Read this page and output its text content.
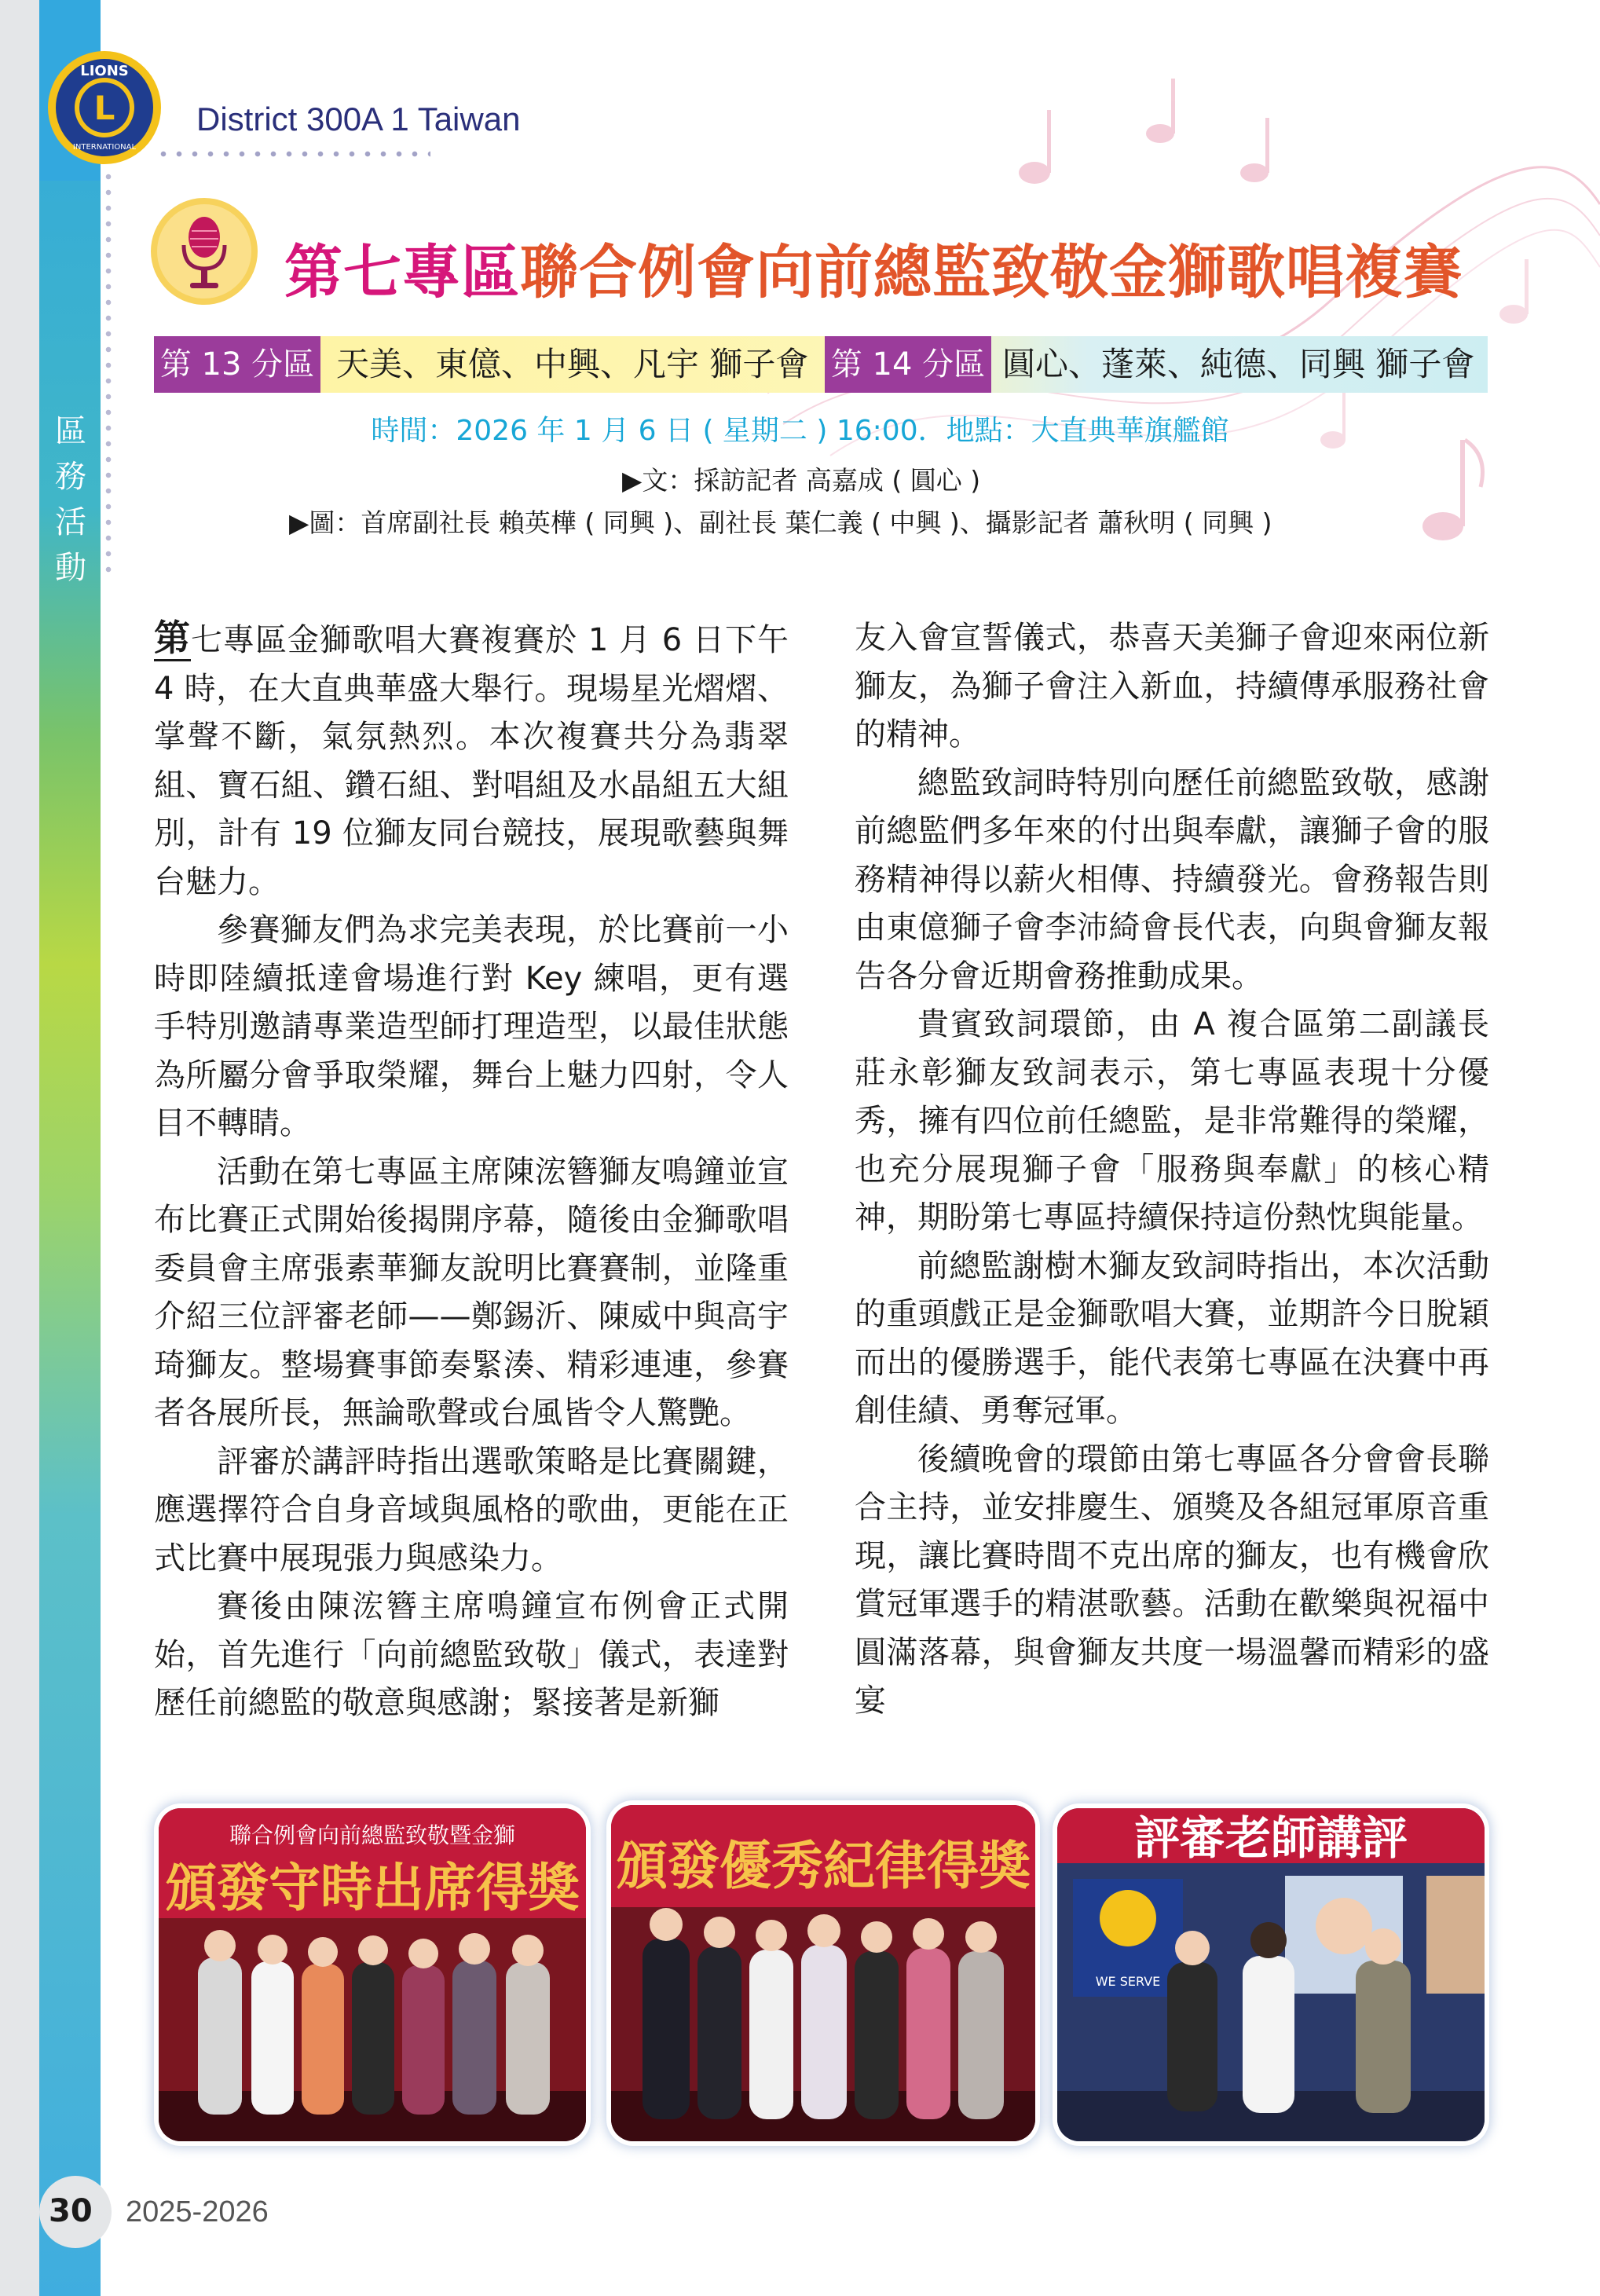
區
務
活
動
L
LIONS
INTERNATIONAL
District 300A 1 Taiwan
第七專區聯合例會向前總監致敬金獅歌唱複賽
第 13 分區 天美、東億、中興、凡宇 獅子會 第 14 分區 圓心、蓬萊、純德、同興 獅子會
時間：2026 年 1 月 6 日 ( 星期二 ) 16:00．地點：大直典華旗艦館
▶文：採訪記者 高嘉成 ( 圓心 )
▶圖：首席副社長 賴英樺 ( 同興 )、副社長 葉仁義 ( 中興 )、攝影記者 蕭秋明 ( 同興 )

第七專區金獅歌唱大賽複賽於 1 月 6 日下午 4 時，在大直典華盛大舉行。現場星光熠熠、掌聲不斷，氣氛熱烈。本次複賽共分為翡翠組、寶石組、鑽石組、對唱組及水晶組五大組別，計有 19 位獅友同台競技，展現歌藝與舞台魅力。

參賽獅友們為求完美表現，於比賽前一小時即陸續抵達會場進行對 Key 練唱，更有選手特別邀請專業造型師打理造型，以最佳狀態為所屬分會爭取榮耀，舞台上魅力四射，令人目不轉睛。

活動在第七專區主席陳浤簪獅友鳴鐘並宣布比賽正式開始後揭開序幕，隨後由金獅歌唱委員會主席張素華獅友說明比賽賽制，並隆重介紹三位評審老師——鄭錫沂、陳威中與高宇琦獅友。整場賽事節奏緊湊、精彩連連，參賽者各展所長，無論歌聲或台風皆令人驚艷。

評審於講評時指出選歌策略是比賽關鍵，應選擇符合自身音域與風格的歌曲，更能在正式比賽中展現張力與感染力。

賽後由陳浤簪主席鳴鐘宣布例會正式開始，首先進行「向前總監致敬」儀式，表達對歷任前總監的敬意與感謝；緊接著是新獅

友入會宣誓儀式，恭喜天美獅子會迎來兩位新獅友，為獅子會注入新血，持續傳承服務社會的精神。

總監致詞時特別向歷任前總監致敬，感謝前總監們多年來的付出與奉獻，讓獅子會的服務精神得以薪火相傳、持續發光。會務報告則由東億獅子會李沛綺會長代表，向與會獅友報告各分會近期會務推動成果。

貴賓致詞環節，由 A 複合區第二副議長莊永彰獅友致詞表示，第七專區表現十分優秀，擁有四位前任總監，是非常難得的榮耀，也充分展現獅子會「服務與奉獻」的核心精神，期盼第七專區持續保持這份熱忱與能量。

前總監謝樹木獅友致詞時指出，本次活動的重頭戲正是金獅歌唱大賽，並期許今日脫穎而出的優勝選手，能代表第七專區在決賽中再創佳績、勇奪冠軍。

後續晚會的環節由第七專區各分會會長聯合主持，並安排慶生、頒獎及各組冠軍原音重現，讓比賽時間不克出席的獅友，也有機會欣賞冠軍選手的精湛歌藝。活動在歡樂與祝福中圓滿落幕，與會獅友共度一場溫馨而精彩的盛宴

聯合例會向前總監致敬暨金獅
頒發守時出席得獎 頒發優秀紀律得獎 評審老師講評
WE SERVE
30 2025-2026
